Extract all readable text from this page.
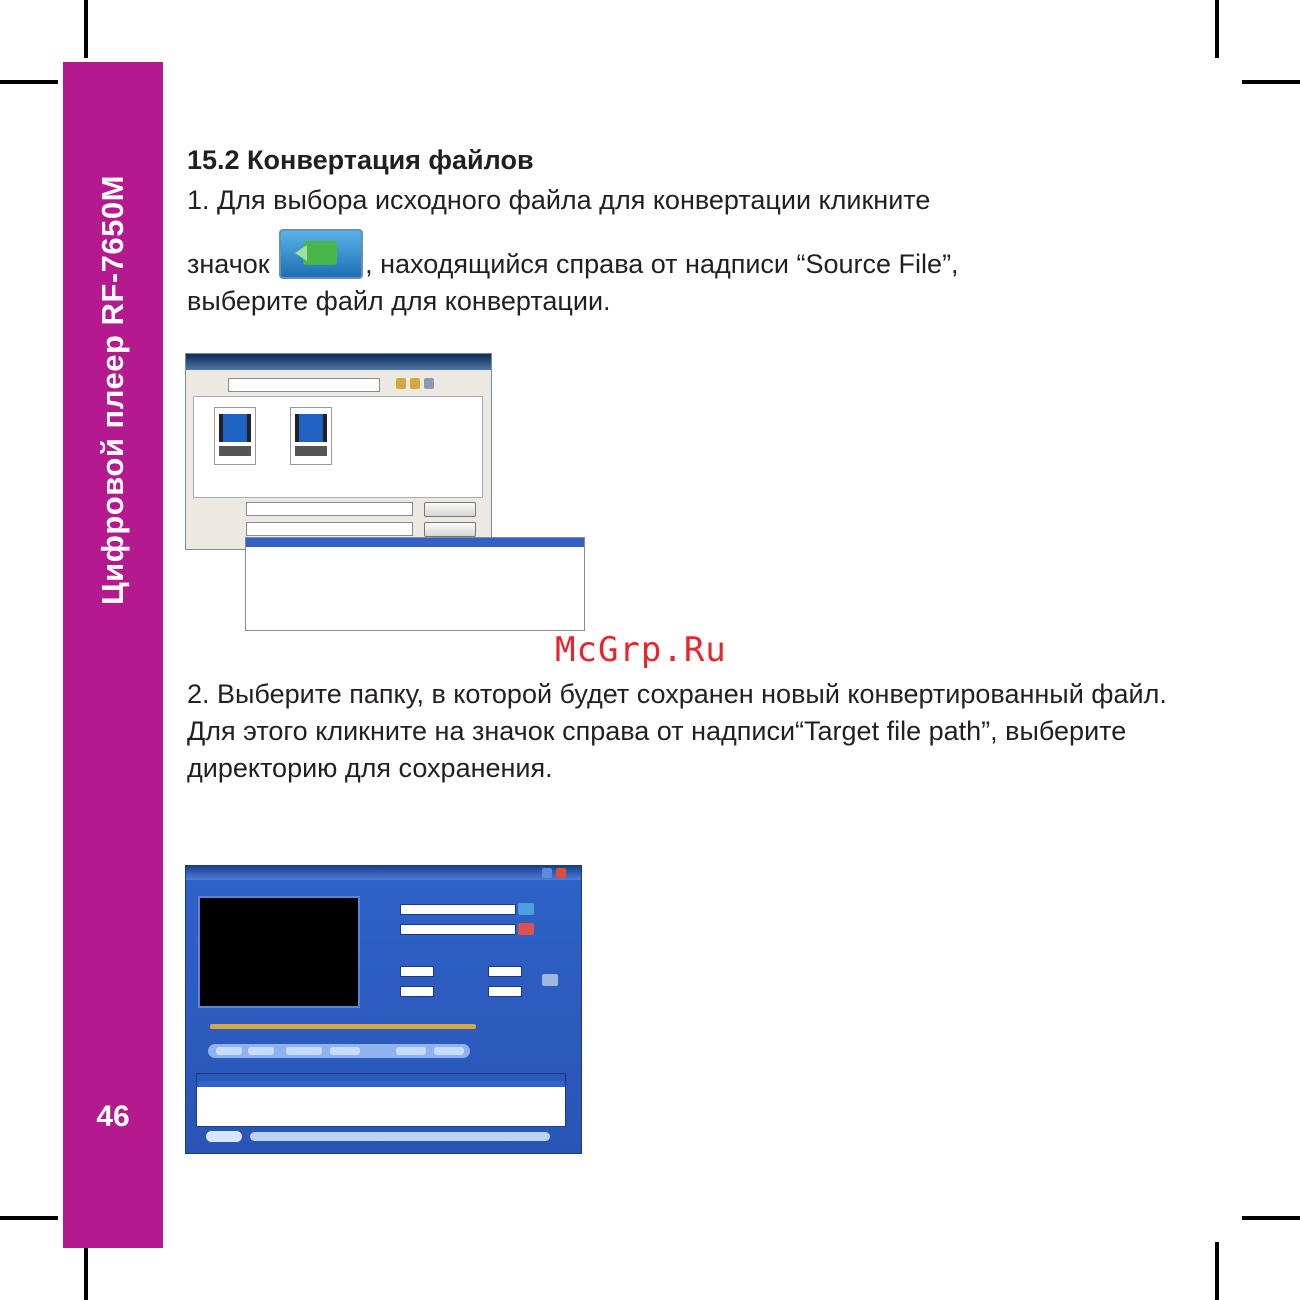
Цифровой плеер RF-7650M
46
15.2 Конвертация файлов
1. Для выбора исходного файла для конвертации кликните
значок	, находящийся справа от надписи “Source File”,
выберите файл для конвертации.
McGrp.Ru
2. Выберите папку, в которой будет сохранен новый конвертированный файл. Для этого кликните на значок справа от надписи“Target file path”, выберите директорию для сохранения.
